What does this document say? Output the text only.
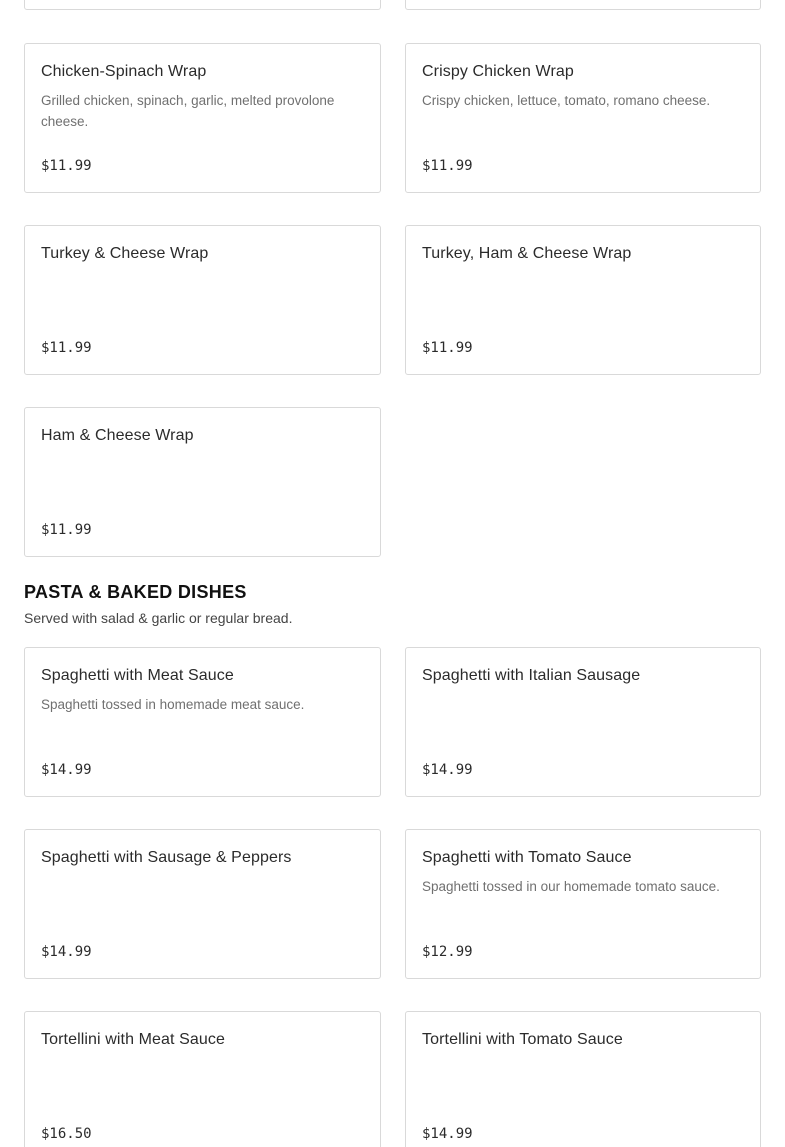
Chicken-Spinach Wrap
Grilled chicken, spinach, garlic, melted provolone cheese.
$11.99
Crispy Chicken Wrap
Crispy chicken, lettuce, tomato, romano cheese.
$11.99
Turkey & Cheese Wrap
$11.99
Turkey, Ham & Cheese Wrap
$11.99
Ham & Cheese Wrap
$11.99
PASTA & BAKED DISHES
Served with salad & garlic or regular bread.
Spaghetti with Meat Sauce
Spaghetti tossed in homemade meat sauce.
$14.99
Spaghetti with Italian Sausage
$14.99
Spaghetti with Sausage & Peppers
$14.99
Spaghetti with Tomato Sauce
Spaghetti tossed in our homemade tomato sauce.
$12.99
Tortellini with Meat Sauce
$16.50
Tortellini with Tomato Sauce
$14.99
